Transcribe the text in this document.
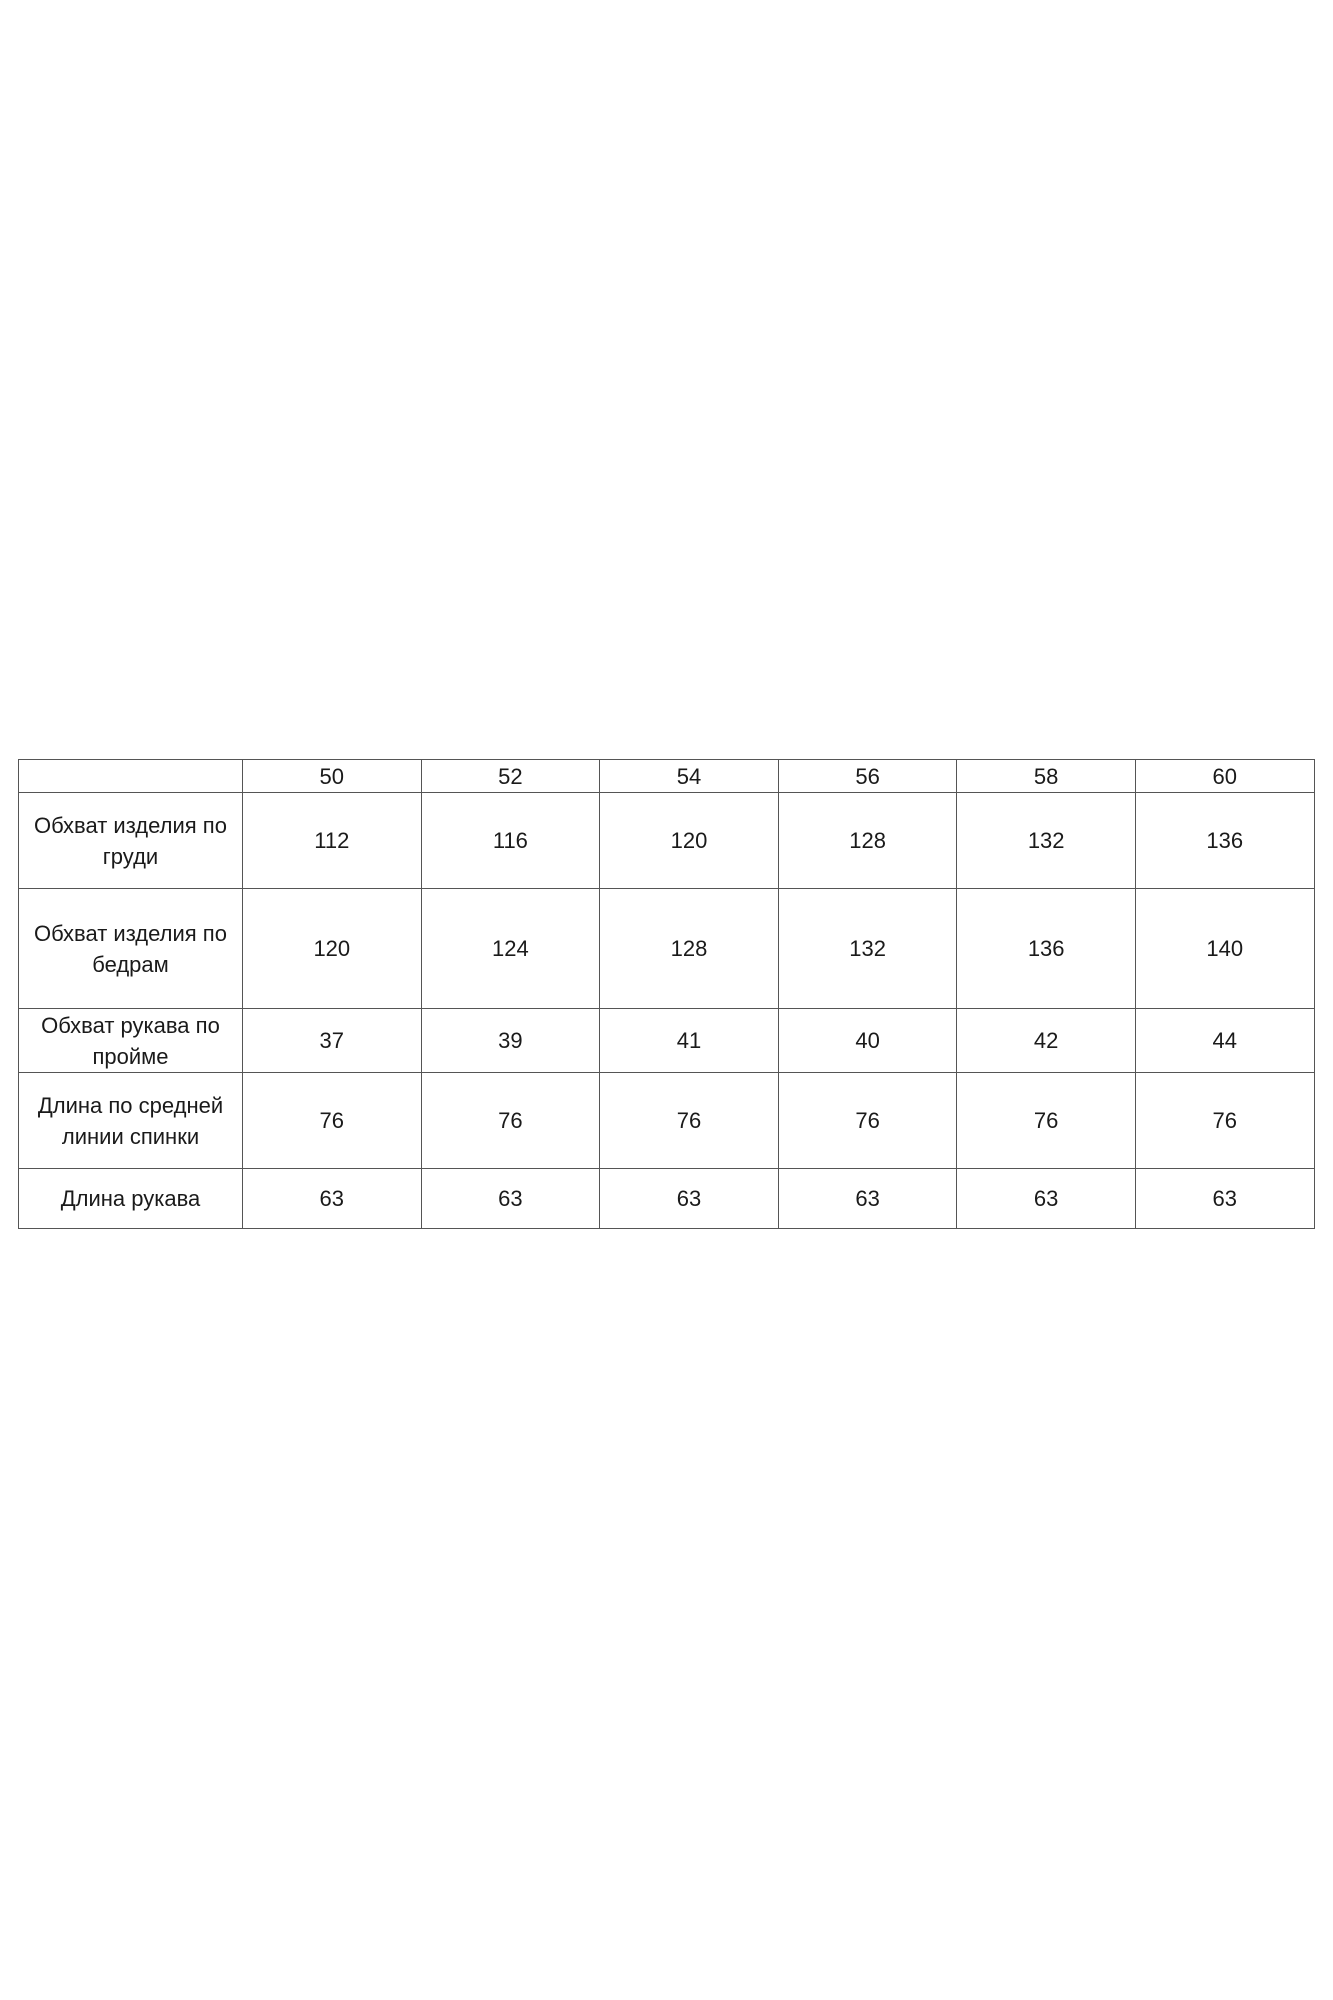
	50	52	54	56	58	60
Обхват изделия по груди	112	116	120	128	132	136
Обхват изделия по бедрам	120	124	128	132	136	140
Обхват рукава по пройме	37	39	41	40	42	44
Длина по средней линии спинки	76	76	76	76	76	76
Длина рукава	63	63	63	63	63	63
